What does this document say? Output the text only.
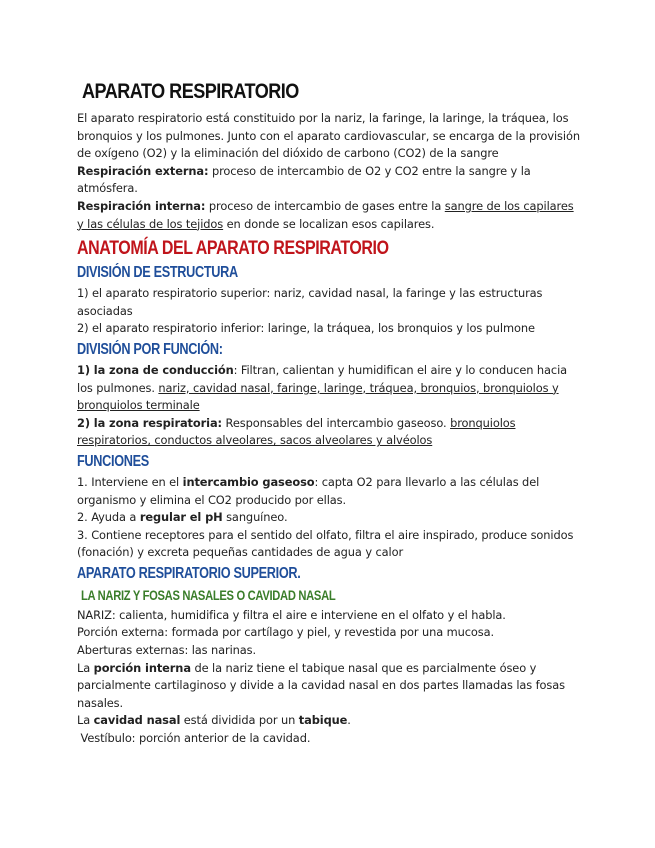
APARATO RESPIRATORIO

El aparato respiratorio está constituido por la nariz, la faringe, la laringe, la tráquea, los bronquios y los pulmones. Junto con el aparato cardiovascular, se encarga de la provisión de oxígeno (O2) y la eliminación del dióxido de carbono (CO2) de la sangre

Respiración externa: proceso de intercambio de O2 y CO2 entre la sangre y la atmósfera.

Respiración interna: proceso de intercambio de gases entre la sangre de los capilares y las células de los tejidos en donde se localizan esos capilares.

ANATOMÍA DEL APARATO RESPIRATORIO
DIVISIÓN DE ESTRUCTURA

1) el aparato respiratorio superior: nariz, cavidad nasal, la faringe y las estructuras asociadas

2) el aparato respiratorio inferior: laringe, la tráquea, los bronquios y los pulmone

DIVISIÓN POR FUNCIÓN:

1) la zona de conducción: Filtran, calientan y humidifican el aire y lo conducen hacia los pulmones. nariz, cavidad nasal, faringe, laringe, tráquea, bronquios, bronquiolos y bronquiolos terminale

2) la zona respiratoria: Responsables del intercambio gaseoso. bronquiolos respiratorios, conductos alveolares, sacos alveolares y alvéolos

FUNCIONES

1. Interviene en el intercambio gaseoso: capta O2 para llevarlo a las células del organismo y elimina el CO2 producido por ellas.

2. Ayuda a regular el pH sanguíneo.

3. Contiene receptores para el sentido del olfato, filtra el aire inspirado, produce sonidos (fonación) y excreta pequeñas cantidades de agua y calor

APARATO RESPIRATORIO SUPERIOR.
LA NARIZ Y FOSAS NASALES O CAVIDAD NASAL

NARIZ: calienta, humidifica y filtra el aire e interviene en el olfato y el habla.

Porción externa: formada por cartílago y piel, y revestida por una mucosa.

Aberturas externas: las narinas.

La porción interna de la nariz tiene el tabique nasal que es parcialmente óseo y parcialmente cartilaginoso y divide a la cavidad nasal en dos partes llamadas las fosas nasales.

La cavidad nasal está dividida por un tabique.

Vestíbulo: porción anterior de la cavidad.
